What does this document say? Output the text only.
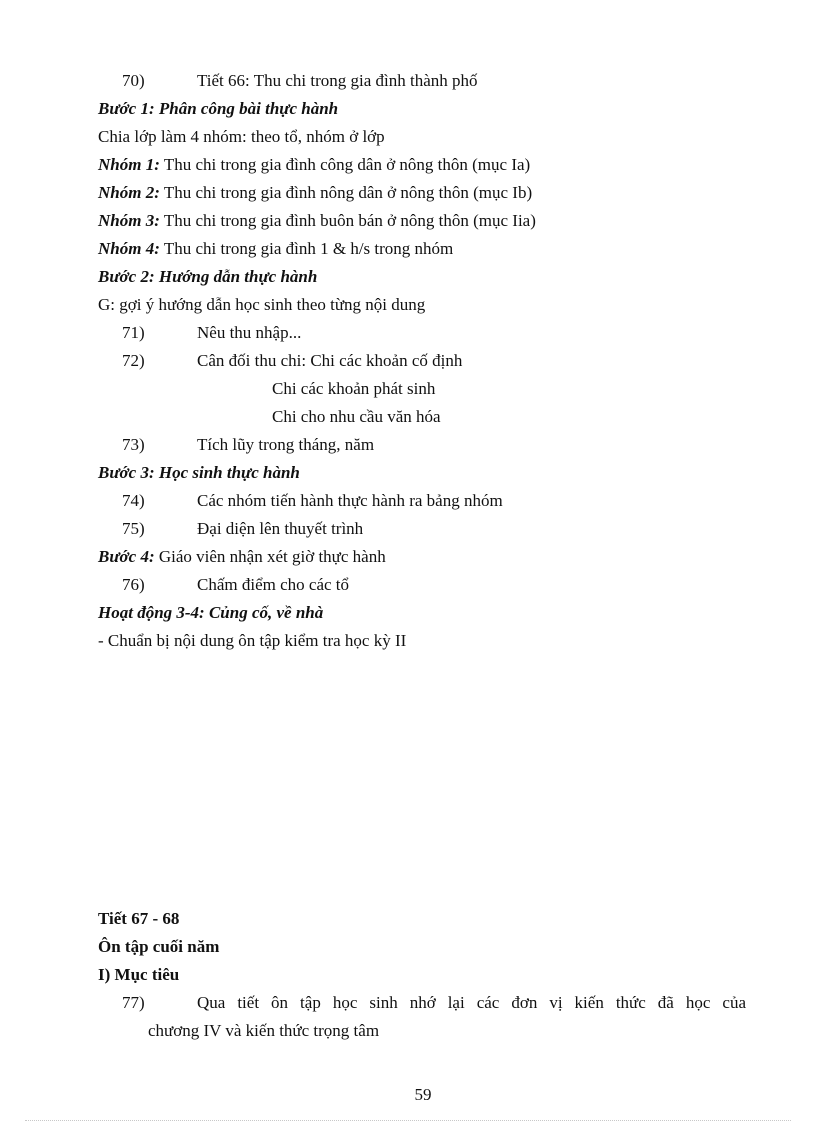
70)	Tiết 66: Thu chi trong gia đình thành phố
Bước 1: Phân công bài thực hành
Chia lớp làm 4 nhóm: theo tổ, nhóm ở lớp
Nhóm 1: Thu chi trong gia đình công dân ở nông thôn (mục Ia)
Nhóm 2: Thu chi trong gia đình nông dân ở nông thôn (mục Ib)
Nhóm 3: Thu chi trong gia đình buôn bán ở nông thôn (mục Iia)
Nhóm 4: Thu chi trong gia đình 1 & h/s trong nhóm
Bước 2: Hướng dẫn thực hành
G: gợi ý hướng dẫn học sinh theo từng nội dung
71)	Nêu thu nhập...
72)	Cân đối thu chi: Chi các khoản cố định
Chi các khoản phát sinh
Chi cho nhu cầu văn hóa
73)	Tích lũy trong tháng, năm
Bước 3: Học sinh thực hành
74)	Các nhóm tiến hành thực hành ra bảng nhóm
75)	Đại diện lên thuyết trình
Bước 4: Giáo viên nhận xét giờ thực hành
76)	Chấm điểm cho các tổ
Hoạt động 3-4: Củng cố, về nhà
- Chuẩn bị nội dung ôn tập kiểm tra học kỳ II
Tiết 67 - 68
Ôn tập cuối năm
I) Mục tiêu
77)	Qua tiết ôn tập học sinh nhớ lại các đơn vị kiến thức đã học của
chương IV và kiến thức trọng tâm
59
